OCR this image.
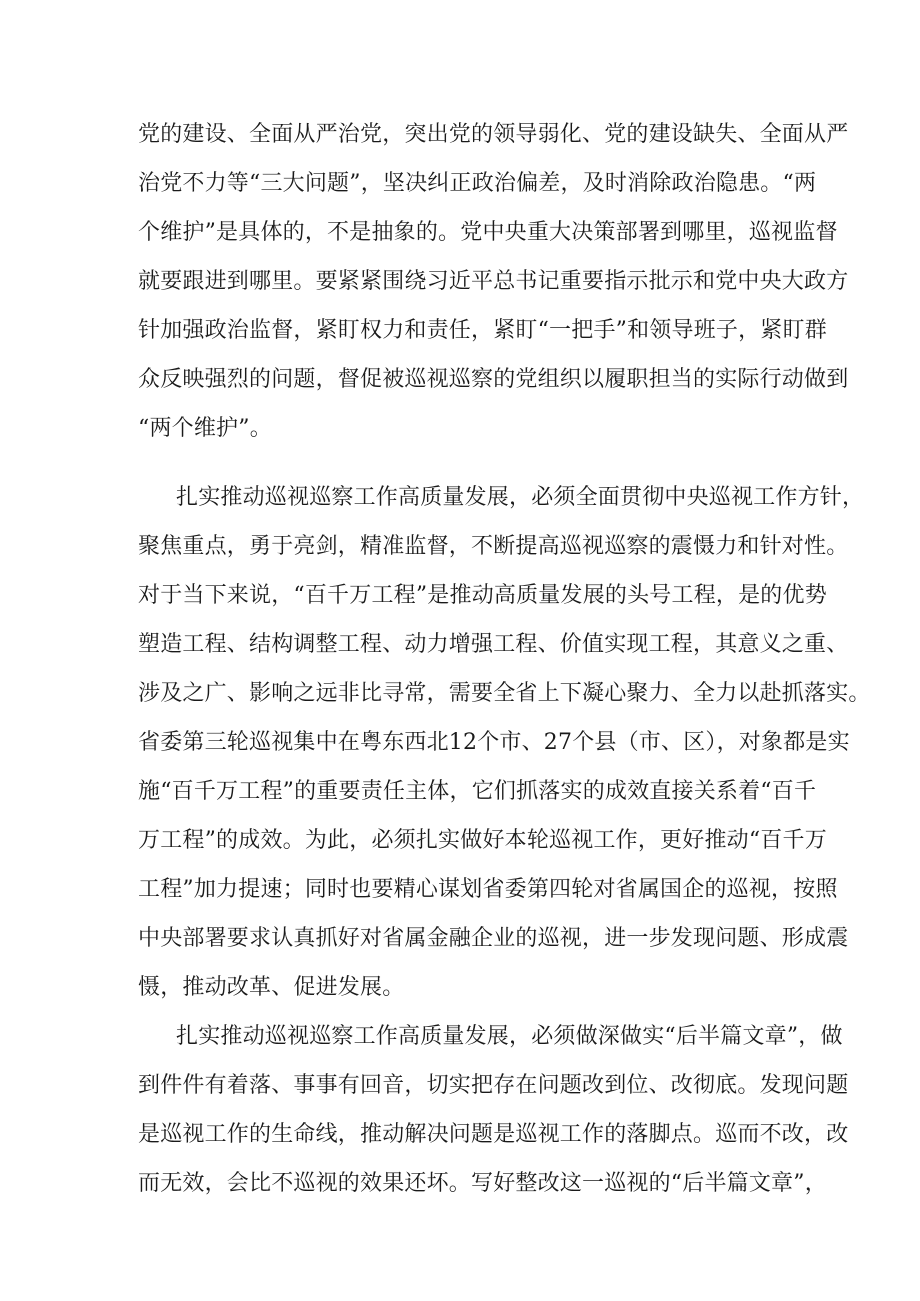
党的建设、全面从严治党，突出党的领导弱化、党的建设缺失、全面从严
治党不力等“三大问题”，坚决纠正政治偏差，及时消除政治隐患。“两
个维护”是具体的，不是抽象的。党中央重大决策部署到哪里，巡视监督
就要跟进到哪里。要紧紧围绕习近平总书记重要指示批示和党中央大政方
针加强政治监督，紧盯权力和责任，紧盯“一把手”和领导班子，紧盯群
众反映强烈的问题，督促被巡视巡察的党组织以履职担当的实际行动做到
“两个维护”。
扎实推动巡视巡察工作高质量发展，必须全面贯彻中央巡视工作方针，
聚焦重点，勇于亮剑，精准监督，不断提高巡视巡察的震慑力和针对性。
对于当下来说，“百千万工程”是推动高质量发展的头号工程，是的优势
塑造工程、结构调整工程、动力增强工程、价值实现工程，其意义之重、
涉及之广、影响之远非比寻常，需要全省上下凝心聚力、全力以赴抓落实。
省委第三轮巡视集中在粤东西北12个市、27个县（市、区），对象都是实
施“百千万工程”的重要责任主体，它们抓落实的成效直接关系着“百千
万工程”的成效。为此，必须扎实做好本轮巡视工作，更好推动“百千万
工程”加力提速；同时也要精心谋划省委第四轮对省属国企的巡视，按照
中央部署要求认真抓好对省属金融企业的巡视，进一步发现问题、形成震
慑，推动改革、促进发展。
扎实推动巡视巡察工作高质量发展，必须做深做实“后半篇文章”，做
到件件有着落、事事有回音，切实把存在问题改到位、改彻底。发现问题
是巡视工作的生命线，推动解决问题是巡视工作的落脚点。巡而不改，改
而无效，会比不巡视的效果还坏。写好整改这一巡视的“后半篇文章”，
